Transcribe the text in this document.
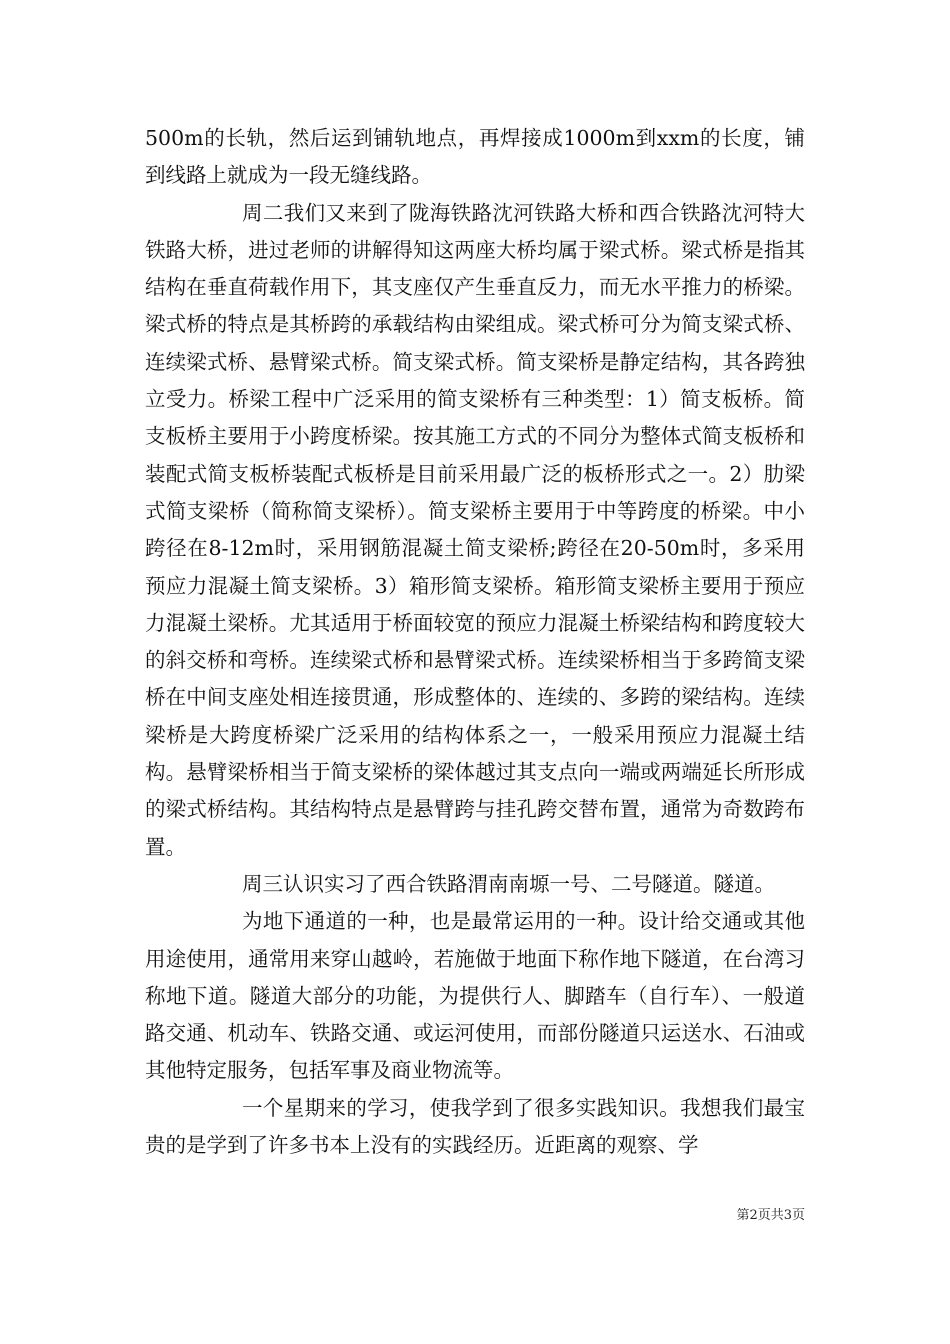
500m的长轨，然后运到铺轨地点，再焊接成1000m到xxm的长度，铺到线路上就成为一段无缝线路。

周二我们又来到了陇海铁路沈河铁路大桥和西合铁路沈河特大铁路大桥，进过老师的讲解得知这两座大桥均属于梁式桥。梁式桥是指其结构在垂直荷载作用下，其支座仅产生垂直反力，而无水平推力的桥梁。梁式桥的特点是其桥跨的承载结构由梁组成。梁式桥可分为简支梁式桥、连续梁式桥、悬臂梁式桥。简支梁式桥。简支梁桥是静定结构，其各跨独立受力。桥梁工程中广泛采用的简支梁桥有三种类型：1）简支板桥。简支板桥主要用于小跨度桥梁。按其施工方式的不同分为整体式简支板桥和装配式简支板桥装配式板桥是目前采用最广泛的板桥形式之一。2）肋梁式简支梁桥（简称简支梁桥）。简支梁桥主要用于中等跨度的桥梁。中小跨径在8-12m时，采用钢筋混凝土简支梁桥;跨径在20-50m时，多采用预应力混凝土简支梁桥。3）箱形简支梁桥。箱形简支梁桥主要用于预应力混凝土梁桥。尤其适用于桥面较宽的预应力混凝土桥梁结构和跨度较大的斜交桥和弯桥。连续梁式桥和悬臂梁式桥。连续梁桥相当于多跨简支梁桥在中间支座处相连接贯通，形成整体的、连续的、多跨的梁结构。连续梁桥是大跨度桥梁广泛采用的结构体系之一，一般采用预应力混凝土结构。悬臂梁桥相当于简支梁桥的梁体越过其支点向一端或两端延长所形成的梁式桥结构。其结构特点是悬臂跨与挂孔跨交替布置，通常为奇数跨布置。

周三认识实习了西合铁路渭南南塬一号、二号隧道。隧道。

为地下通道的一种，也是最常运用的一种。设计给交通或其他用途使用，通常用来穿山越岭，若施做于地面下称作地下隧道，在台湾习称地下道。隧道大部分的功能，为提供行人、脚踏车（自行车）、一般道路交通、机动车、铁路交通、或运河使用，而部份隧道只运送水、石油或其他特定服务，包括军事及商业物流等。

一个星期来的学习，使我学到了很多实践知识。我想我们最宝贵的是学到了许多书本上没有的实践经历。近距离的观察、学

第2页共3页
